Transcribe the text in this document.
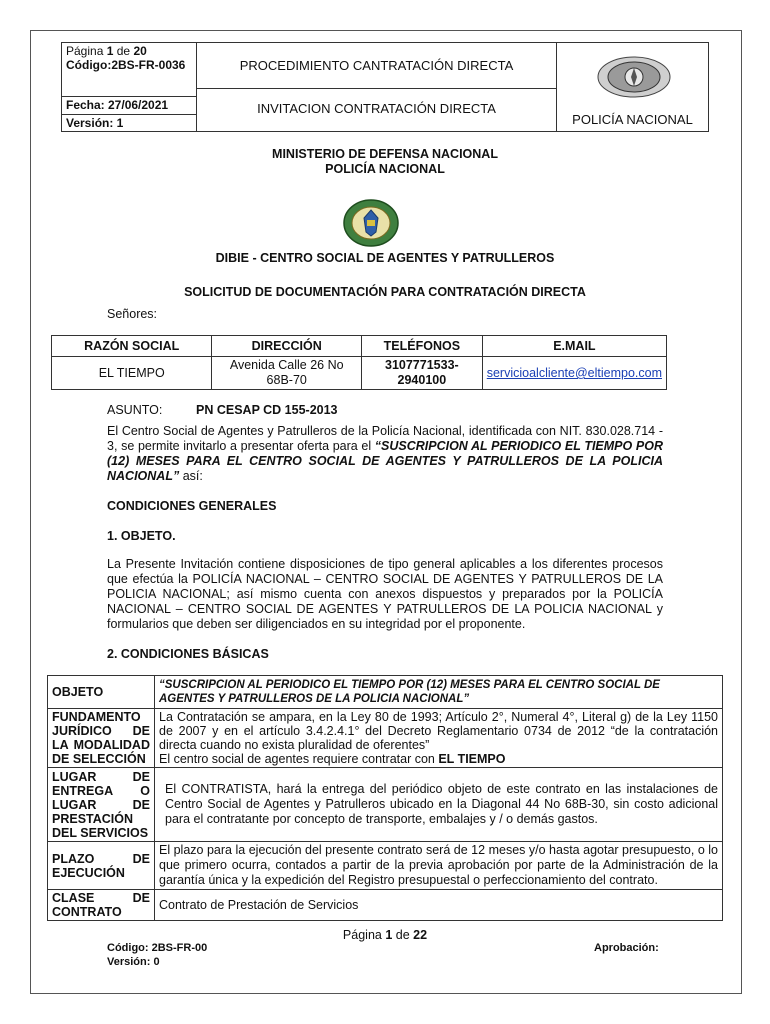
Página 1 de 20
Código:2BS-FR-0036
Fecha: 27/06/2021
Versión: 1
PROCEDIMIENTO CANTRATACIÓN DIRECTA
INVITACION CONTRATACIÓN DIRECTA
POLICÍA NACIONAL
MINISTERIO DE DEFENSA NACIONAL
POLICÍA NACIONAL
DIBIE - CENTRO SOCIAL DE AGENTES Y PATRULLEROS
SOLICITUD DE DOCUMENTACIÓN PARA CONTRATACIÓN DIRECTA
Señores:
RAZÓN SOCIAL	DIRECCIÓN	TELÉFONOS	E.MAIL
EL TIEMPO	Avenida Calle 26 No 68B-70	3107771533-2940100	servicioalcliente@eltiempo.com
ASUNTO:	PN CESAP CD 155-2013
El Centro Social de Agentes y Patrulleros de la Policía Nacional, identificada con NIT. 830.028.714 - 3, se permite invitarlo a presentar oferta para el “SUSCRIPCION AL PERIODICO EL TIEMPO POR (12) MESES PARA EL CENTRO SOCIAL DE AGENTES Y PATRULLEROS DE LA POLICIA NACIONAL” así:
CONDICIONES GENERALES
1. OBJETO.
La Presente Invitación contiene disposiciones de tipo general aplicables a los diferentes procesos que efectúa la POLICÍA NACIONAL – CENTRO SOCIAL DE AGENTES Y PATRULLEROS DE LA POLICIA NACIONAL; así mismo cuenta con anexos dispuestos y preparados por la POLICÍA NACIONAL – CENTRO SOCIAL DE AGENTES Y PATRULLEROS DE LA POLICIA NACIONAL y formularios que deben ser diligenciados en su integridad por el proponente.
2. CONDICIONES BÁSICAS
OBJETO	“SUSCRIPCION AL PERIODICO EL TIEMPO POR (12) MESES PARA EL CENTRO SOCIAL DE AGENTES Y PATRULLEROS DE LA POLICIA NACIONAL”
FUNDAMENTO JURÍDICO DE LA MODALIDAD DE SELECCIÓN	La Contratación se ampara, en la Ley 80 de 1993; Artículo 2°, Numeral 4°, Literal g) de la Ley 1150 de 2007 y en el artículo 3.4.2.4.1° del Decreto Reglamentario 0734 de 2012 “de la contratación directa cuando no exista pluralidad de oferentes”
El centro social de agentes requiere contratar con EL TIEMPO
LUGAR DE ENTREGA O LUGAR DE PRESTACIÓN DEL SERVICIOS	El CONTRATISTA, hará la entrega del periódico objeto de este contrato en las instalaciones de Centro Social de Agentes y Patrulleros ubicado en la Diagonal 44 No 68B-30, sin costo adicional para el contratante por concepto de transporte, embalajes y / o demás gastos.
PLAZO DE EJECUCIÓN	El plazo para la ejecución del presente contrato será de 12 meses y/o hasta agotar presupuesto, o lo que primero ocurra, contados a partir de la previa aprobación por parte de la Administración de la garantía única y la expedición del Registro presupuestal o perfeccionamiento del contrato.
CLASE DE CONTRATO	Contrato de Prestación de Servicios
Página 1 de 22
Código: 2BS-FR-00
Versión: 0
Aprobación:
